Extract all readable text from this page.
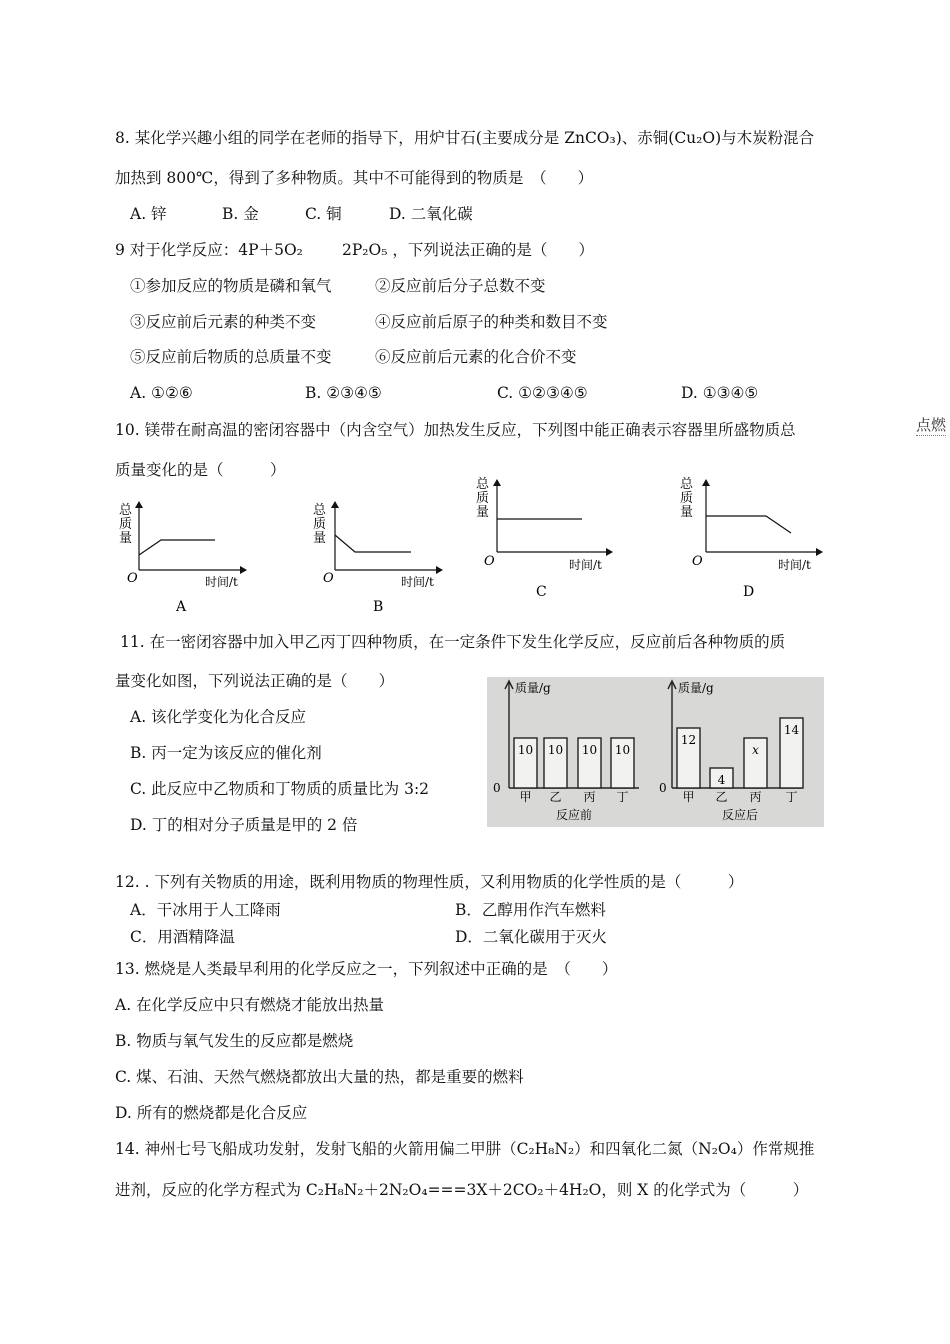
点燃
8. 某化学兴趣小组的同学在老师的指导下，用炉甘石(主要成分是 ZnCO₃)、赤铜(Cu₂O)与木炭粉混合
加热到 800℃，得到了多种物质。其中不可能得到的物质是　（　　）
A. 锌	B. 金	C. 铜	D. 二氧化碳
9 对于化学反应：4P＋5O₂	2P₂O₅ ，下列说法正确的是（　　）
①参加反应的物质是磷和氧气	②反应前后分子总数不变
③反应前后元素的种类不变	④反应前后原子的种类和数目不变
⑤反应前后物质的总质量不变	⑥反应前后元素的化合价不变
A. ①②⑥	B. ②③④⑤	C. ①②③④⑤	D. ①③④⑤
10. 镁带在耐高温的密闭容器中（内含空气）加热发生反应，下列图中能正确表示容器里所盛物质总
质量变化的是（　　　）
总
质
量
O	时间/t
A
总
质
量
O	时间/t
B
总
质
量
O	时间/t
C
总
质
量
O	时间/t
D
11. 在一密闭容器中加入甲乙丙丁四种物质，在一定条件下发生化学反应，反应前后各种物质的质
量变化如图，下列说法正确的是（　　）
A. 该化学变化为化合反应
B. 丙一定为该反应的催化剂
C. 此反应中乙物质和丁物质的质量比为 3:2
D. 丁的相对分子质量是甲的 2 倍
质量/g
0
10
甲
10
乙
10
丙
10
丁
反应前
质量/g
0
12
甲
4
乙
x
丙
14
丁
反应后
12. . 下列有关物质的用途，既利用物质的物理性质，又利用物质的化学性质的是（　　　）
A．干冰用于人工降雨	B．乙醇用作汽车燃料
C．用酒精降温	D．二氧化碳用于灭火
13. 燃烧是人类最早利用的化学反应之一，下列叙述中正确的是　（　　）
A. 在化学反应中只有燃烧才能放出热量
B. 物质与氧气发生的反应都是燃烧
C. 煤、石油、天然气燃烧都放出大量的热，都是重要的燃料
D. 所有的燃烧都是化合反应
14. 神州七号飞船成功发射，发射飞船的火箭用偏二甲肼（C₂H₈N₂）和四氧化二氮（N₂O₄）作常规推
进剂，反应的化学方程式为 C₂H₈N₂＋2N₂O₄===3X＋2CO₂＋4H₂O，则 X 的化学式为（　　　）
